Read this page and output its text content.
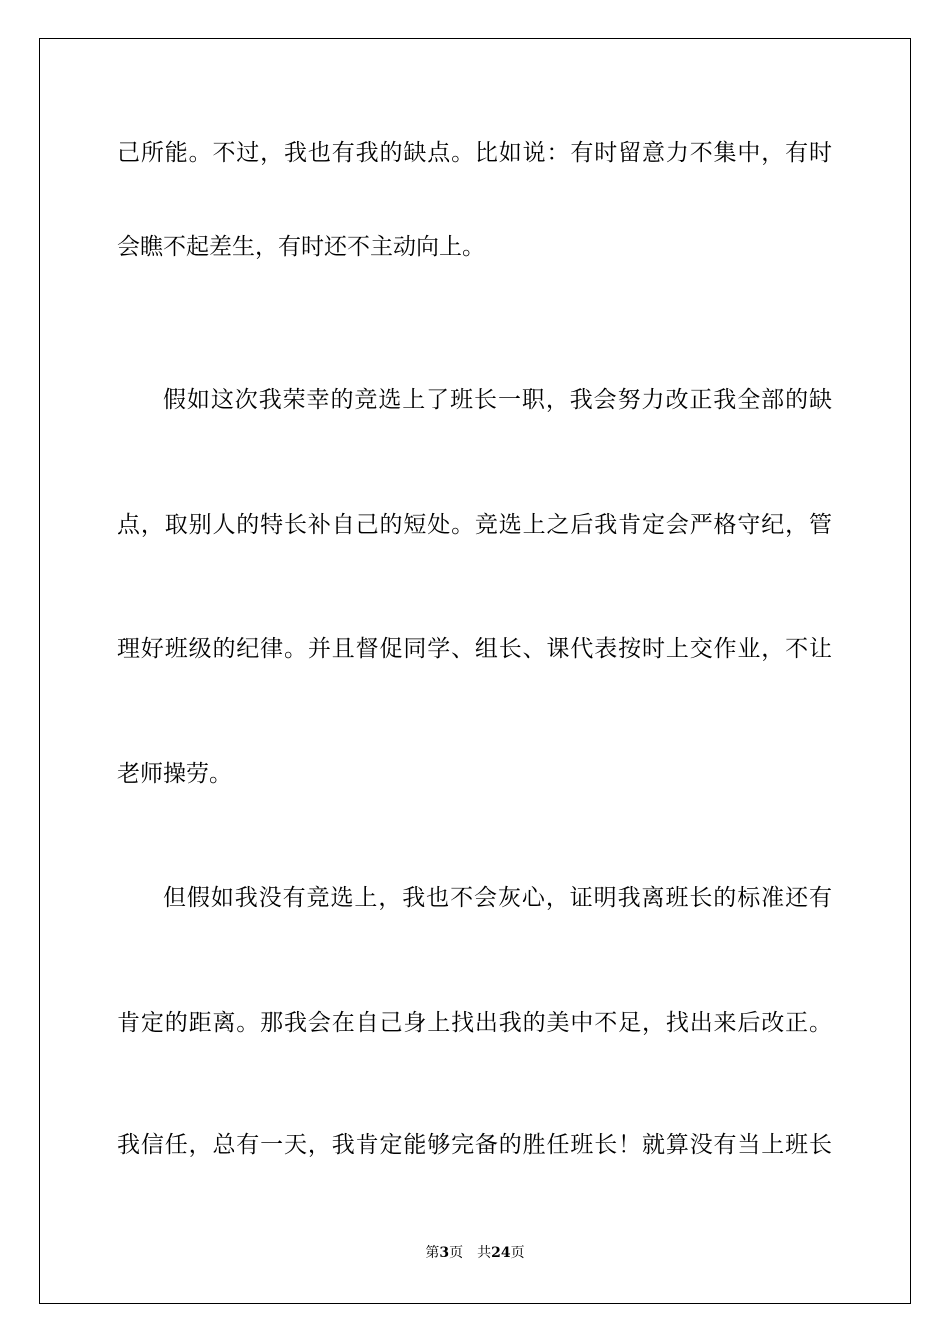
己所能。不过，我也有我的缺点。比如说：有时留意力不集中，有时
会瞧不起差生，有时还不主动向上。
假如这次我荣幸的竞选上了班长一职，我会努力改正我全部的缺
点，取别人的特长补自己的短处。竞选上之后我肯定会严格守纪，管
理好班级的纪律。并且督促同学、组长、课代表按时上交作业，不让
老师操劳。
但假如我没有竞选上，我也不会灰心，证明我离班长的标准还有
肯定的距离。那我会在自己身上找出我的美中不足，找出来后改正。
我信任，总有一天，我肯定能够完备的胜任班长！就算没有当上班长
第3页 共24页
